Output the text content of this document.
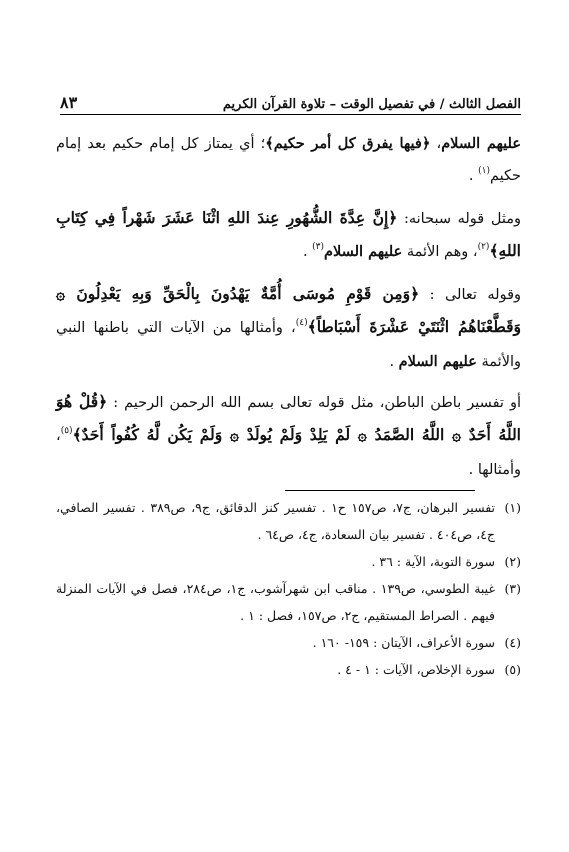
الفصل الثالث / في تفصيل الوقت – تلاوة القرآن الكريم
٨٣

عليهم السلام، ﴿فيها يفرق كل أمر حكيم﴾؛ أي يمتاز كل إمام حكيم بعد إمام حكيم$^{(١)}$ .

ومثل قوله سبحانه: ﴿إِنَّ عِدَّةَ الشُّهُورِ عِندَ اللهِ اثْنَا عَشَرَ شَهْراً فِي كِتَابِ اللهِ﴾$^{(٢)}$، وهم الأئمة عليهم السلام$^{(٣)}$ .

وقوله تعالى : ﴿وَمِن قَوْمِ مُوسَى أُمَّةٌ يَهْدُونَ بِالْحَقِّ وَبِهِ يَعْدِلُونَ ۞ وَقَطَّعْنَاهُمُ اثْنَتَيْ عَشْرَةَ أَسْبَاطاً﴾$^{(٤)}$، وأمثالها من الآيات التي باطنها النبي والأئمة عليهم السلام .

أو تفسير باطن الباطن، مثل قوله تعالى بسم الله الرحمن الرحيم : ﴿قُلْ هُوَ اللَّهُ أَحَدٌ ۞ اللَّهُ الصَّمَدُ ۞ لَمْ يَلِدْ وَلَمْ يُولَدْ ۞ وَلَمْ يَكُن لَّهُ كُفُواً أَحَدٌ﴾$^{(٥)}$، وأمثالها .

(١)
تفسير البرهان، ج٧، ص١٥٧ ح١ . تفسير كنز الدقائق، ج٩، ص٣٨٩ . تفسير الصافي، ج٤، ص٤٠٤ . تفسير بيان السعادة، ج٤، ص٦٤ .
(٢)
سورة التوبة، الآية : ٣٦ .
(٣)
غيبة الطوسي، ص١٣٩ . مناقب ابن شهرآشوب، ج١، ص٢٨٤، فصل في الآيات المنزلة فيهم . الصراط المستقيم، ج٢، ص١٥٧، فصل : ١ .
(٤)
سورة الأعراف، الآيتان : ١٥٩- ١٦٠ .
(٥)
سورة الإخلاص، الآيات : ١ - ٤ .
